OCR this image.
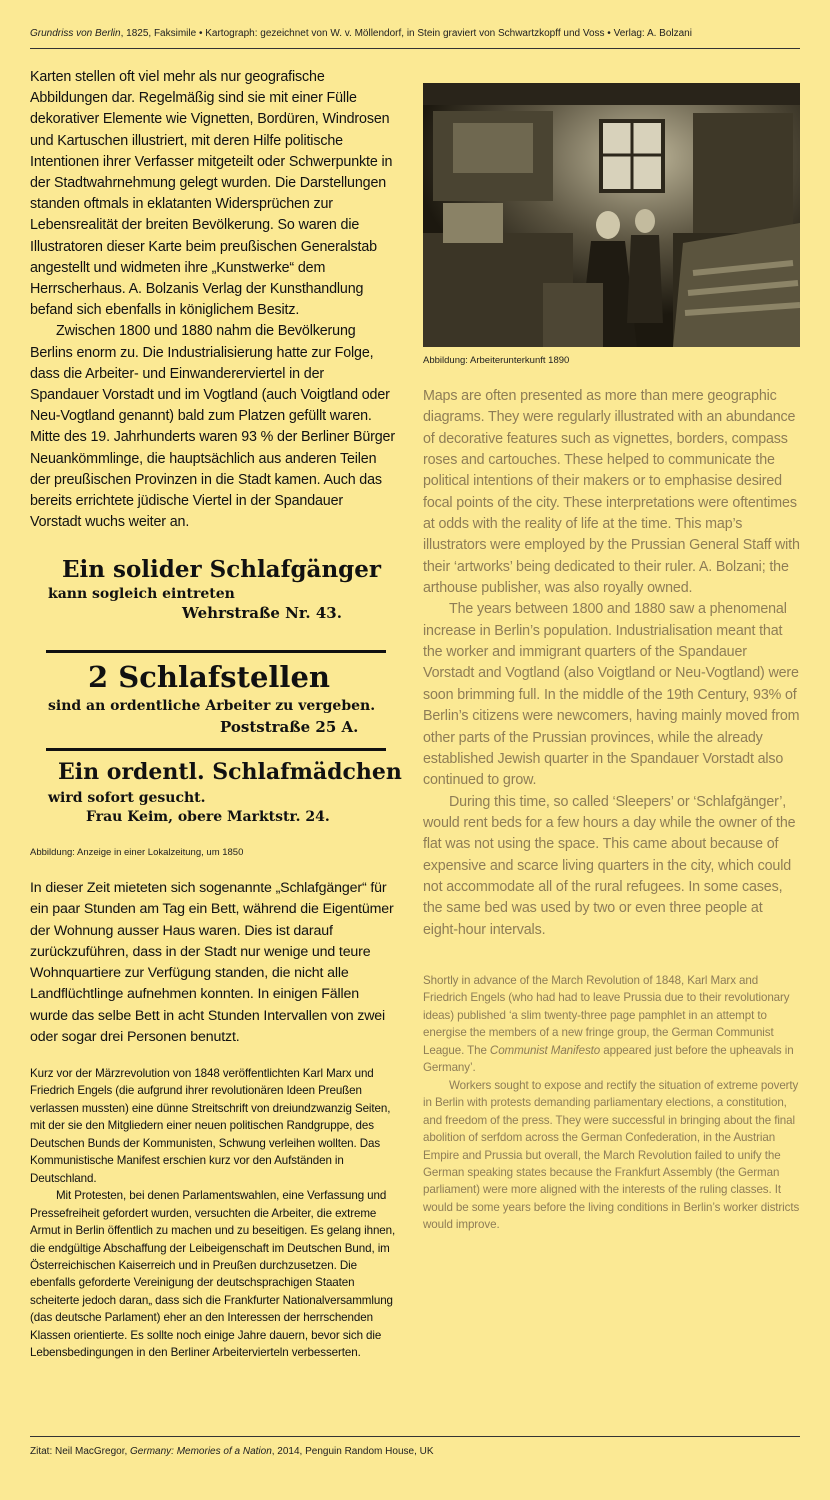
Grundriss von Berlin, 1825, Faksimile • Kartograph: gezeichnet von W. v. Möllendorf, in Stein graviert von Schwartzkopff und Voss • Verlag: A. Bolzani

Karten stellen oft viel mehr als nur geografische Abbildungen dar. Regelmäßig sind sie mit einer Fülle dekorativer Elemente wie Vignetten, Bordüren, Windrosen und Kartuschen illustriert, mit deren Hilfe politische Intentionen ihrer Verfasser mitgeteilt oder Schwerpunkte in der Stadtwahrnehmung gelegt wurden. Die Darstellungen standen oftmals in eklatanten Widersprüchen zur Lebensrealität der breiten Bevölkerung. So waren die Illustratoren dieser Karte beim preußischen Generalstab angestellt und widmeten ihre „Kunstwerke“ dem Herrscherhaus. A. Bolzanis Verlag der Kunsthandlung befand sich ebenfalls in königlichem Besitz.

Zwischen 1800 und 1880 nahm die Bevölkerung Berlins enorm zu. Die Industrialisierung hatte zur Folge, dass die Arbeiter- und Einwandererviertel in der Spandauer Vorstadt und im Vogtland (auch Voigtland oder Neu-Vogtland genannt) bald zum Platzen gefüllt waren. Mitte des 19. Jahrhunderts waren 93 % der Berliner Bürger Neuankömmlinge, die hauptsächlich aus anderen Teilen der preußischen Provinzen in die Stadt kamen. Auch das bereits errichtete jüdische Viertel in der Spandauer Vorstadt wuchs weiter an.

Ein solider Schlafgänger
kann sogleich eintreten
Wehrstraße Nr. 43.
2 Schlafstellen
sind an ordentliche Arbeiter zu vergeben.
Poststraße 25 A.
Ein ordentl. Schlafmädchen
wird sofort gesucht.
Frau Keim, obere Marktstr. 24.
Abbildung: Anzeige in einer Lokalzeitung, um 1850

In dieser Zeit mieteten sich sogenannte „Schlafgänger“ für ein paar Stunden am Tag ein Bett, während die Eigentümer der Wohnung ausser Haus waren. Dies ist darauf zurückzuführen, dass in der Stadt nur wenige und teure Wohnquartiere zur Verfügung standen, die nicht alle Landflüchtlinge aufnehmen konnten. In einigen Fällen wurde das selbe Bett in acht Stunden Intervallen von zwei oder sogar drei Personen benutzt.

Kurz vor der Märzrevolution von 1848 veröffentlichten Karl Marx und Friedrich Engels (die aufgrund ihrer revolutionären Ideen Preußen verlassen mussten) eine dünne Streitschrift von dreiundzwanzig Seiten, mit der sie den Mitgliedern einer neuen politischen Randgruppe, des Deutschen Bunds der Kommunisten, Schwung verleihen wollten. Das Kommunistische Manifest erschien kurz vor den Aufständen in Deutschland.

Mit Protesten, bei denen Parlamentswahlen, eine Verfassung und Pressefreiheit gefordert wurden, versuchten die Arbeiter, die extreme Armut in Berlin öffentlich zu machen und zu beseitigen. Es gelang ihnen, die endgültige Abschaffung der Leibeigenschaft im Deutschen Bund, im Österreichischen Kaiserreich und in Preußen durchzusetzen. Die ebenfalls geforderte Vereinigung der deutschsprachigen Staaten scheiterte jedoch daran„ dass sich die Frankfurter Nationalversammlung (das deutsche Parlament) eher an den Interessen der herrschenden Klassen orientierte. Es sollte noch einige Jahre dauern, bevor sich die Lebensbedingungen in den Berliner Arbeitervierteln verbesserten.

Abbildung: Arbeiterunterkunft 1890

Maps are often presented as more than mere geographic diagrams. They were regularly illustrated with an abundance of decorative features such as vignettes, borders, compass roses and cartouches. These helped to communicate the political intentions of their makers or to emphasise desired focal points of the city. These interpretations were oftentimes at odds with the reality of life at the time. This map’s illustrators were employed by the Prussian General Staff with their ‘artworks’ being dedicated to their ruler. A. Bolzani; the arthouse publisher, was also royally owned.

The years between 1800 and 1880 saw a phenomenal increase in Berlin’s population. Industrialisation meant that the worker and immigrant quarters of the Spandauer Vorstadt and Vogtland (also Voigtland or Neu-Vogtland) were soon brimming full. In the middle of the 19th Century, 93% of Berlin’s citizens were newcomers, having mainly moved from other parts of the Prussian provinces, while the already established Jewish quarter in the Spandauer Vorstadt also continued to grow.

During this time, so called ‘Sleepers’ or ‘Schlafgänger’, would rent beds for a few hours a day while the owner of the flat was not using the space. This came about because of expensive and scarce living quarters in the city, which could not accommodate all of the rural refugees. In some cases, the same bed was used by two or even three people at eight-hour intervals.

Shortly in advance of the March Revolution of 1848, Karl Marx and Friedrich Engels (who had had to leave Prussia due to their revolutionary ideas) published ‘a slim twenty-three page pamphlet in an attempt to energise the members of a new fringe group, the German Communist League. The Communist Manifesto appeared just before the upheavals in Germany’.

Workers sought to expose and rectify the situation of extreme poverty in Berlin with protests demanding parliamentary elections, a constitution, and freedom of the press. They were successful in bringing about the final abolition of serfdom across the German Confederation, in the Austrian Empire and Prussia but overall, the March Revolution failed to unify the German speaking states because the Frankfurt Assembly (the German parliament) were more aligned with the interests of the ruling classes. It would be some years before the living conditions in Berlin’s worker districts would improve.

Zitat: Neil MacGregor, Germany: Memories of a Nation, 2014, Penguin Random House, UK
